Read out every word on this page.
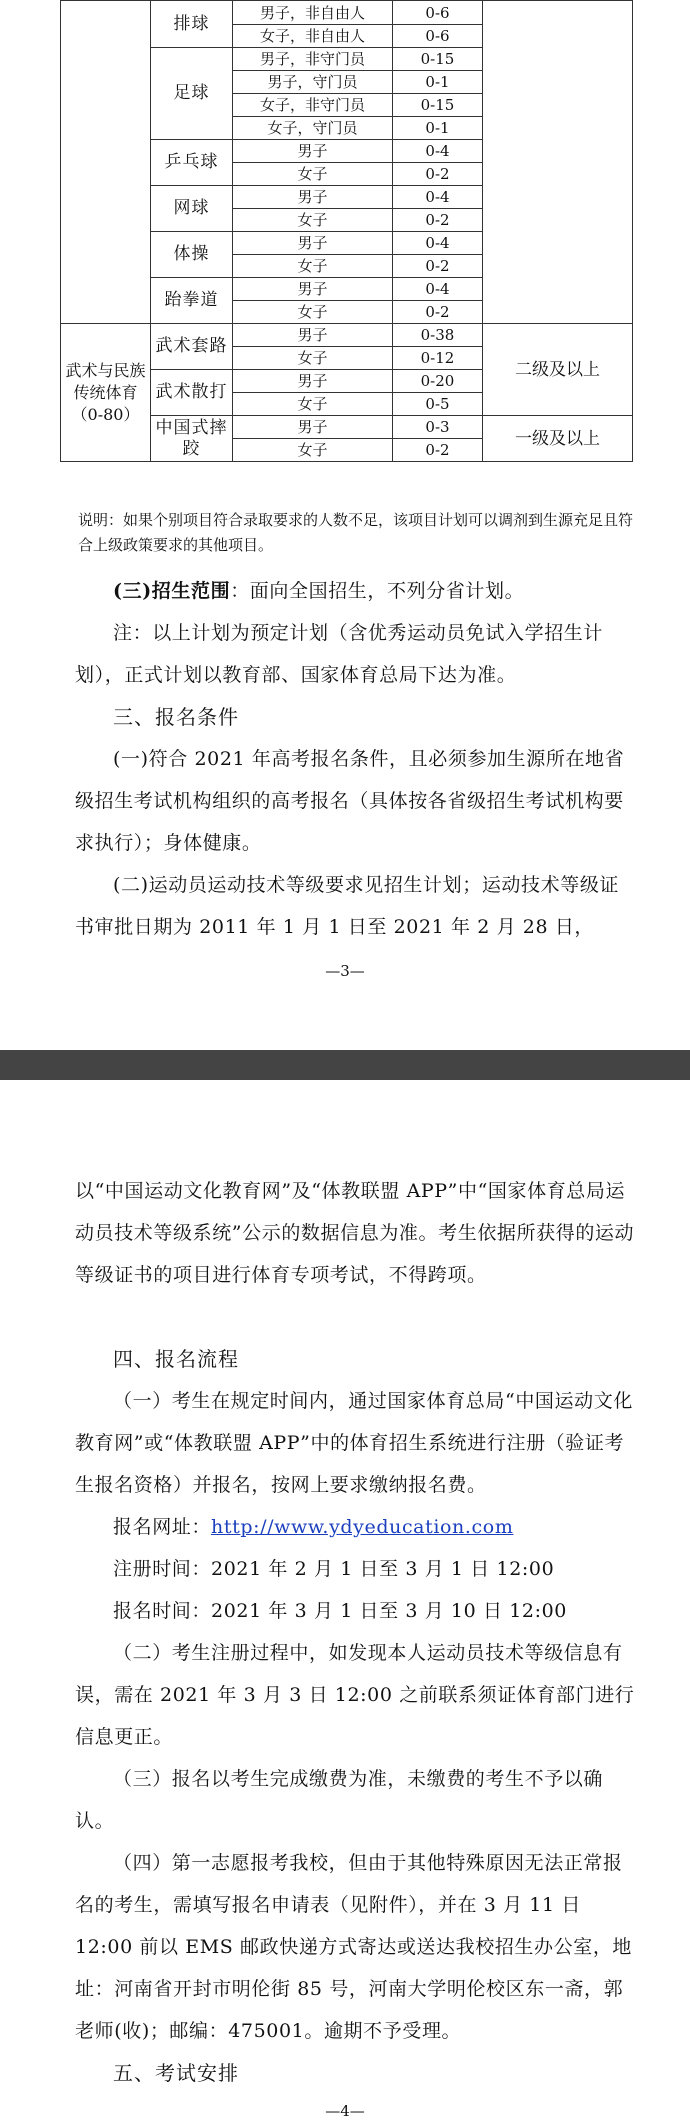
	排球	男子，非自由人	0-6	
		女子，非自由人	0-6	
	足球	男子，非守门员	0-15	
		男子，守门员	0-1	
		女子，非守门员	0-15	
		女子，守门员	0-1	
	乒乓球	男子	0-4	
		女子	0-2	
	网球	男子	0-4	
		女子	0-2	
	体操	男子	0-4	
		女子	0-2	
	跆拳道	男子	0-4	
		女子	0-2	
武术与民族传统体育（0-80）	武术套路	男子	0-38	二级及以上
		女子	0-12	
	武术散打	男子	0-20	
		女子	0-5	
	中国式摔跤	男子	0-3	一级及以上
		女子	0-2	
说明：如果个别项目符合录取要求的人数不足，该项目计划可以调剂到生源充足且符合上级政策要求的其他项目。
(三)招生范围：面向全国招生，不列分省计划。
注：以上计划为预定计划（含优秀运动员免试入学招生计划），正式计划以教育部、国家体育总局下达为准。
三、报名条件
(一)符合 2021 年高考报名条件，且必须参加生源所在地省级招生考试机构组织的高考报名（具体按各省级招生考试机构要求执行）；身体健康。
(二)运动员运动技术等级要求见招生计划；运动技术等级证书审批日期为 2011 年 1 月 1 日至 2021 年 2 月 28 日，
—3—
以“中国运动文化教育网”及“体教联盟 APP”中“国家体育总局运动员技术等级系统”公示的数据信息为准。考生依据所获得的运动等级证书的项目进行体育专项考试，不得跨项。
四、报名流程
（一）考生在规定时间内，通过国家体育总局“中国运动文化教育网”或“体教联盟 APP”中的体育招生系统进行注册（验证考生报名资格）并报名，按网上要求缴纳报名费。
报名网址：http://www.ydyeducation.com
注册时间：2021 年 2 月 1 日至 3 月 1 日 12:00
报名时间：2021 年 3 月 1 日至 3 月 10 日 12:00
（二）考生注册过程中，如发现本人运动员技术等级信息有误，需在 2021 年 3 月 3 日 12:00 之前联系须证体育部门进行信息更正。
（三）报名以考生完成缴费为准，未缴费的考生不予以确认。
（四）第一志愿报考我校，但由于其他特殊原因无法正常报名的考生，需填写报名申请表（见附件），并在 3 月 11 日 12:00 前以 EMS 邮政快递方式寄达或送达我校招生办公室，地址：河南省开封市明伦街 85 号，河南大学明伦校区东一斋，郭老师(收)；邮编：475001。逾期不予受理。
五、考试安排
—4—
